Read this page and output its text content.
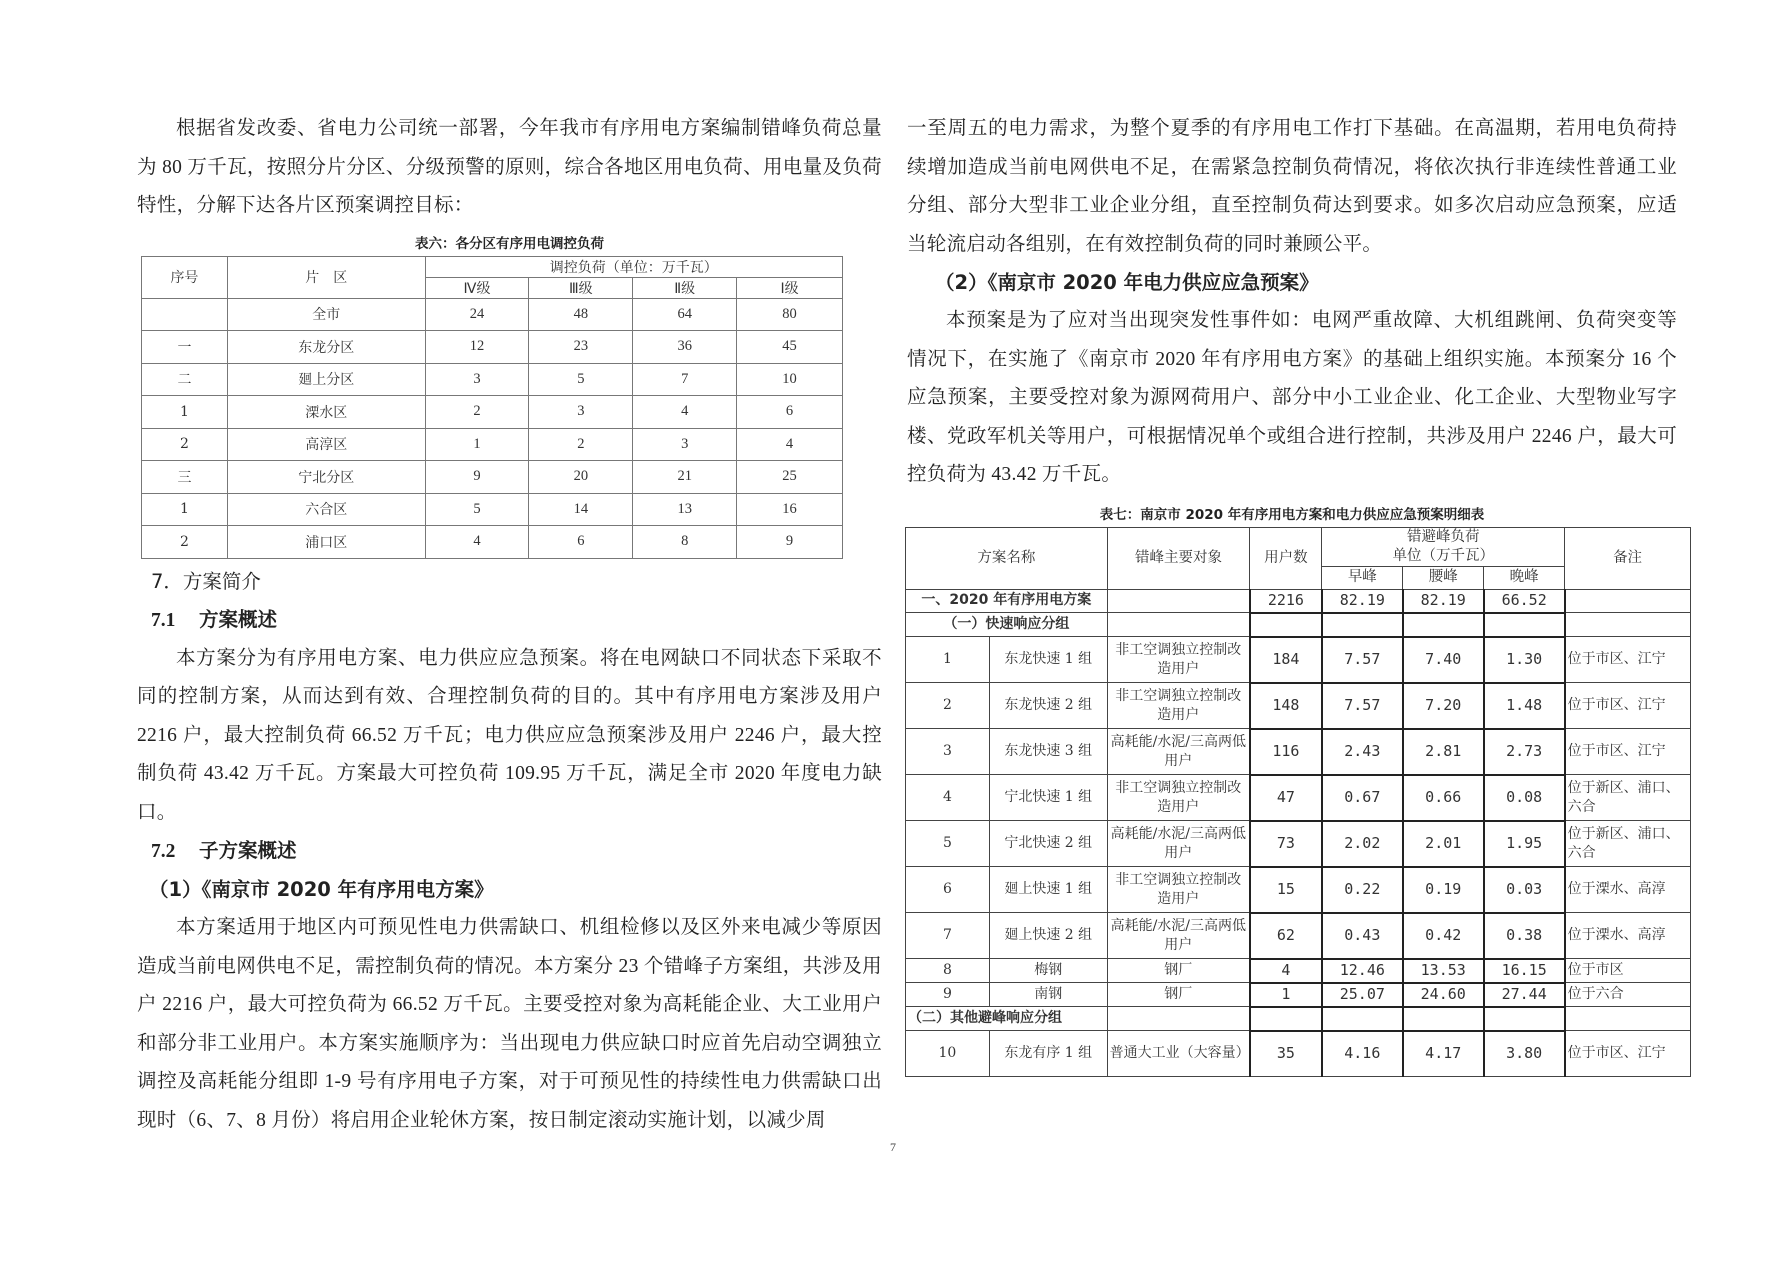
根据省发改委、省电力公司统一部署，今年我市有序用电方案编制错峰负荷总量为 80 万千瓦，按照分片分区、分级预警的原则，综合各地区用电负荷、用电量及负荷特性，分解下达各片区预案调控目标：

表六：各分区有序用电调控负荷
序号	片　区	调控负荷（单位：万千瓦）			
		Ⅳ级	Ⅲ级	Ⅱ级	Ⅰ级
	全市	24	48	64	80
一	东龙分区	12	23	36	45
二	廻上分区	3	5	7	10
1	溧水区	2	3	4	6
2	高淳区	1	2	3	4
三	宁北分区	9	20	21	25
1	六合区	5	14	13	16
2	浦口区	4	6	8	9

7．方案简介

7.1 方案概述

本方案分为有序用电方案、电力供应应急预案。将在电网缺口不同状态下采取不同的控制方案，从而达到有效、合理控制负荷的目的。其中有序用电方案涉及用户 2216 户，最大控制负荷 66.52 万千瓦；电力供应应急预案涉及用户 2246 户，最大控制负荷 43.42 万千瓦。方案最大可控负荷 109.95 万千瓦，满足全市 2020 年度电力缺口。

7.2 子方案概述

（1）《南京市 2020 年有序用电方案》

本方案适用于地区内可预见性电力供需缺口、机组检修以及区外来电减少等原因造成当前电网供电不足，需控制负荷的情况。本方案分 23 个错峰子方案组，共涉及用户 2216 户，最大可控负荷为 66.52 万千瓦。主要受控对象为高耗能企业、大工业用户和部分非工业用户。本方案实施顺序为：当出现电力供应缺口时应首先启动空调独立调控及高耗能分组即 1-9 号有序用电子方案，对于可预见性的持续性电力供需缺口出现时（6、7、8 月份）将启用企业轮休方案，按日制定滚动实施计划，以减少周

一至周五的电力需求，为整个夏季的有序用电工作打下基础。在高温期，若用电负荷持续增加造成当前电网供电不足，在需紧急控制负荷情况，将依次执行非连续性普通工业分组、部分大型非工业企业分组，直至控制负荷达到要求。如多次启动应急预案，应适当轮流启动各组别，在有效控制负荷的同时兼顾公平。

（2）《南京市 2020 年电力供应应急预案》

本预案是为了应对当出现突发性事件如：电网严重故障、大机组跳闸、负荷突变等情况下，在实施了《南京市 2020 年有序用电方案》的基础上组织实施。本预案分 16 个应急预案，主要受控对象为源网荷用户、部分中小工业企业、化工企业、大型物业写字楼、党政军机关等用户，可根据情况单个或组合进行控制，共涉及用户 2246 户，最大可控负荷为 43.42 万千瓦。

表七：南京市 2020 年有序用电方案和电力供应应急预案明细表
方案名称		错峰主要对象	用户数	错避峰负荷
单位（万千瓦）			备注
				早峰	腰峰	晚峰	
一、2020 年有序用电方案			2216	82.19	82.19	66.52	
（一）快速响应分组							
1	东龙快速 1 组	非工空调独立控制改造用户	184	7.57	7.40	1.30	位于市区、江宁
2	东龙快速 2 组	非工空调独立控制改造用户	148	7.57	7.20	1.48	位于市区、江宁
3	东龙快速 3 组	高耗能/水泥/三高两低用户	116	2.43	2.81	2.73	位于市区、江宁
4	宁北快速 1 组	非工空调独立控制改造用户	47	0.67	0.66	0.08	位于新区、浦口、六合
5	宁北快速 2 组	高耗能/水泥/三高两低用户	73	2.02	2.01	1.95	位于新区、浦口、六合
6	廻上快速 1 组	非工空调独立控制改造用户	15	0.22	0.19	0.03	位于溧水、高淳
7	廻上快速 2 组	高耗能/水泥/三高两低用户	62	0.43	0.42	0.38	位于溧水、高淳
8	梅钢	钢厂	4	12.46	13.53	16.15	位于市区
9	南钢	钢厂	1	25.07	24.60	27.44	位于六合
（二）其他避峰响应分组							
10	东龙有序 1 组	普通大工业（大容量）	35	4.16	4.17	3.80	位于市区、江宁
7
